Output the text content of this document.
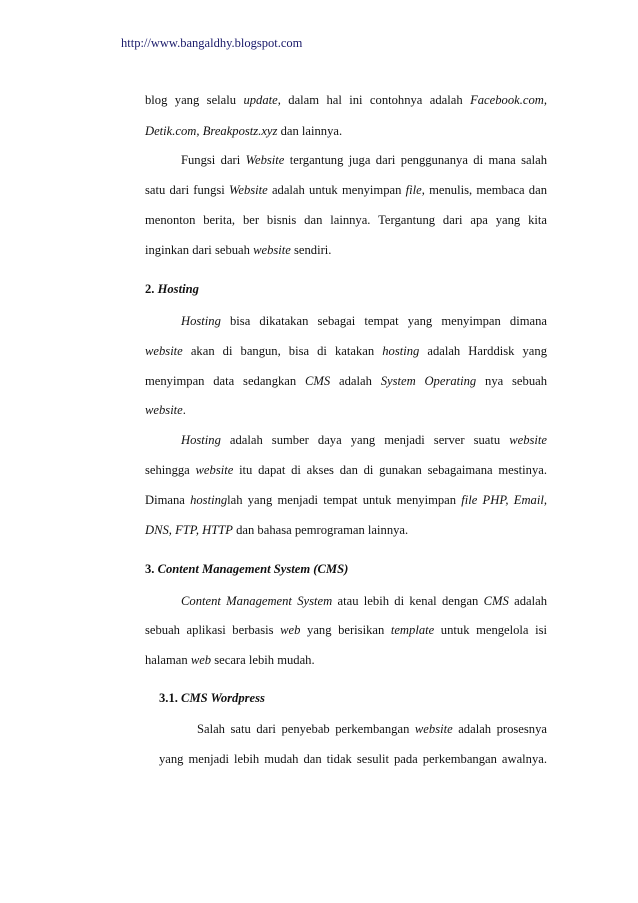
http://www.bangaldhy.blogspot.com
blog yang selalu update, dalam hal ini contohnya adalah Facebook.com,
Detik.com, Breakpostz.xyz dan lainnya.
Fungsi dari Website tergantung juga dari penggunanya di mana salah
satu dari fungsi Website adalah untuk menyimpan file, menulis, membaca dan
menonton berita, ber bisnis dan lainnya. Tergantung dari apa yang kita
inginkan dari sebuah website sendiri.
2. Hosting
Hosting bisa dikatakan sebagai tempat yang menyimpan dimana
website akan di bangun, bisa di katakan hosting adalah Harddisk yang
menyimpan data sedangkan CMS adalah System Operating nya sebuah
website.
Hosting adalah sumber daya yang menjadi server suatu website
sehingga website itu dapat di akses dan di gunakan sebagaimana mestinya.
Dimana hostinglah yang menjadi tempat untuk menyimpan file PHP, Email,
DNS, FTP, HTTP dan bahasa pemrograman lainnya.
3. Content Management System (CMS)
Content Management System atau lebih di kenal dengan CMS adalah
sebuah aplikasi berbasis web yang berisikan template untuk mengelola isi
halaman web secara lebih mudah.
3.1. CMS Wordpress
Salah satu dari penyebab perkembangan website adalah prosesnya
yang menjadi lebih mudah dan tidak sesulit pada perkembangan awalnya.
